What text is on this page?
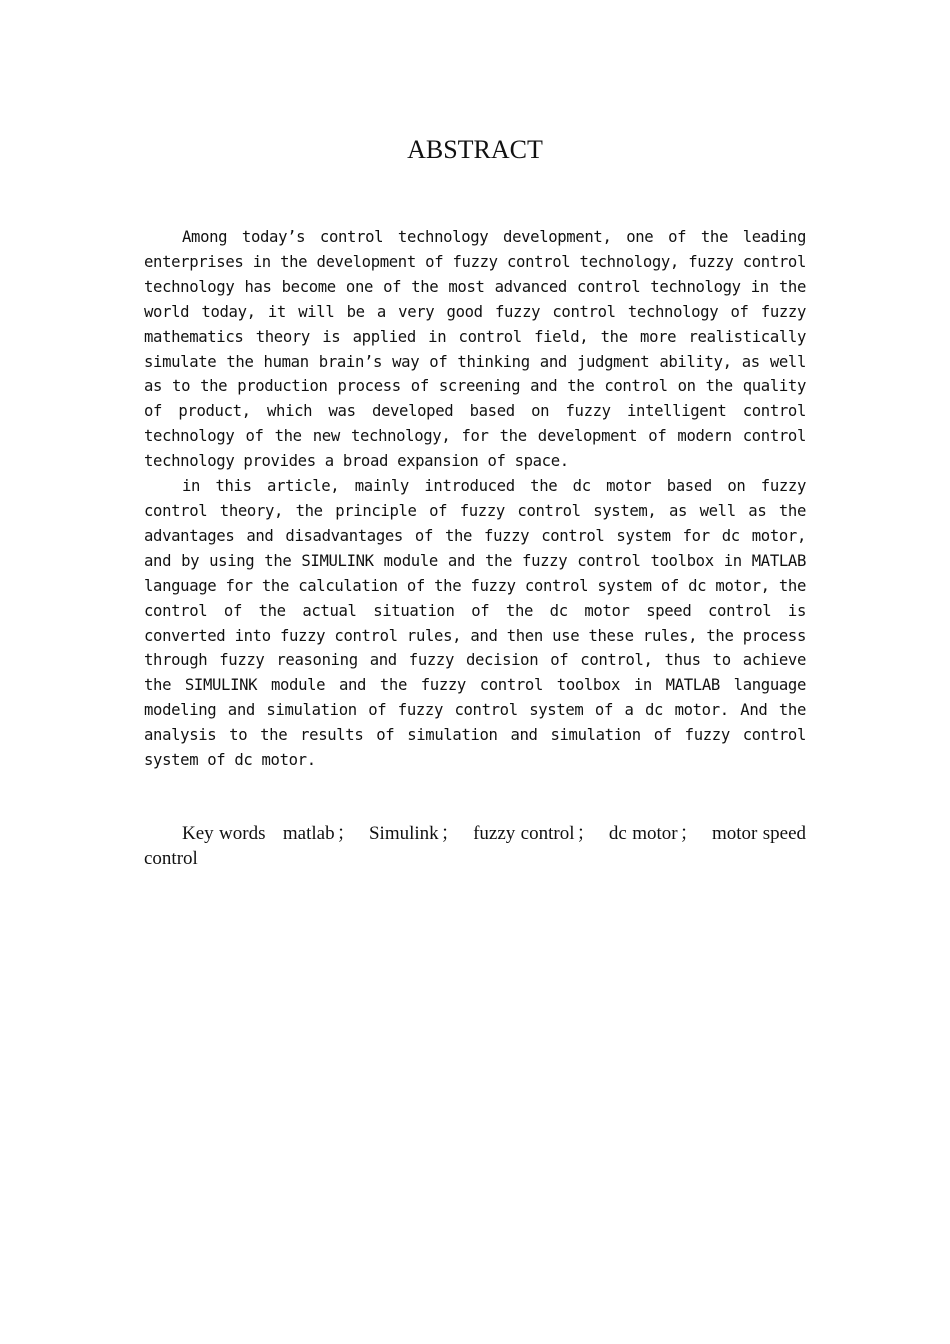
ABSTRACT

Among today’s control technology development, one of the leading enterprises in the development of fuzzy control technology, fuzzy control technology has become one of the most advanced control technology in the world today, it will be a very good fuzzy control technology of fuzzy mathematics theory is applied in control field, the more realistically simulate the human brain’s way of thinking and judgment ability, as well as to the production process of screening and the control on the quality of product, which was developed based on fuzzy intelligent control technology of the new technology, for the development of modern control technology provides a broad expansion of space.

in this article, mainly introduced the dc motor based on fuzzy control theory, the principle of fuzzy control system, as well as the advantages and disadvantages of the fuzzy control system for dc motor, and by using the SIMULINK module and the fuzzy control toolbox in MATLAB language for the calculation of the fuzzy control system of dc motor, the control of the actual situation of the dc motor speed control is converted into fuzzy control rules, and then use these rules, the process through fuzzy reasoning and fuzzy decision of control, thus to achieve the SIMULINK module and the fuzzy control toolbox in MATLAB language modeling and simulation of fuzzy control system of a dc motor. And the analysis to the results of simulation and simulation of fuzzy control system of dc motor.

Key words matlab ； Simulink ； fuzzy control ； dc motor ； motor speed control
